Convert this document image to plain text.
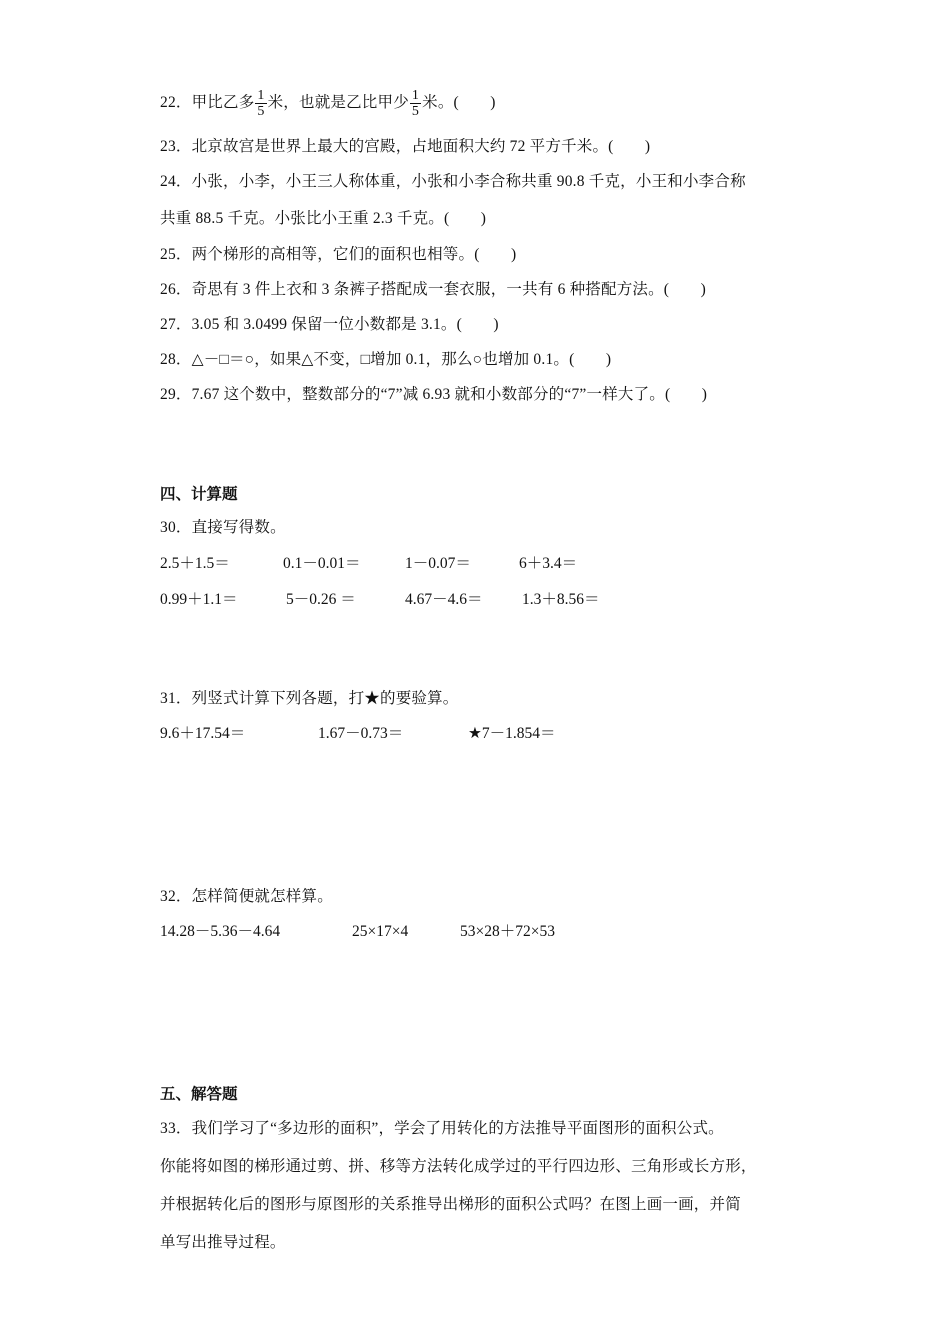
22．甲比乙多 $\frac{1}{5}$ 米，也就是乙比甲少 $\frac{1}{5}$ 米。(　　)
23．北京故宫是世界上最大的宫殿，占地面积大约 72 平方千米。(　　)
24．小张，小李，小王三人称体重，小张和小李合称共重 90.8 千克，小王和小李合称
共重 88.5 千克。小张比小王重 2.3 千克。(　　)
25．两个梯形的高相等，它们的面积也相等。(　　)
26．奇思有 3 件上衣和 3 条裤子搭配成一套衣服，一共有 6 种搭配方法。(　　)
27．3.05 和 3.0499 保留一位小数都是 3.1。(　　)
28．△－□＝○，如果△不变，□增加 0.1，那么○也增加 0.1。(　　)
29．7.67 这个数中，整数部分的“7”减 6.93 就和小数部分的“7”一样大了。(　　)
四、计算题
30．直接写得数。
2.5＋1.5＝	0.1－0.01＝	1－0.07＝	6＋3.4＝
0.99＋1.1＝	5－0.26 ＝	4.67－4.6＝	1.3＋8.56＝
31．列竖式计算下列各题，打★的要验算。
9.6＋17.54＝	1.67－0.73＝	★7－1.854＝
32．怎样简便就怎样算。
14.28－5.36－4.64	25×17×4	53×28＋72×53
五、解答题
33．我们学习了“多边形的面积”，学会了用转化的方法推导平面图形的面积公式。
你能将如图的梯形通过剪、拼、移等方法转化成学过的平行四边形、三角形或长方形，
并根据转化后的图形与原图形的关系推导出梯形的面积公式吗？在图上画一画，并简
单写出推导过程。
